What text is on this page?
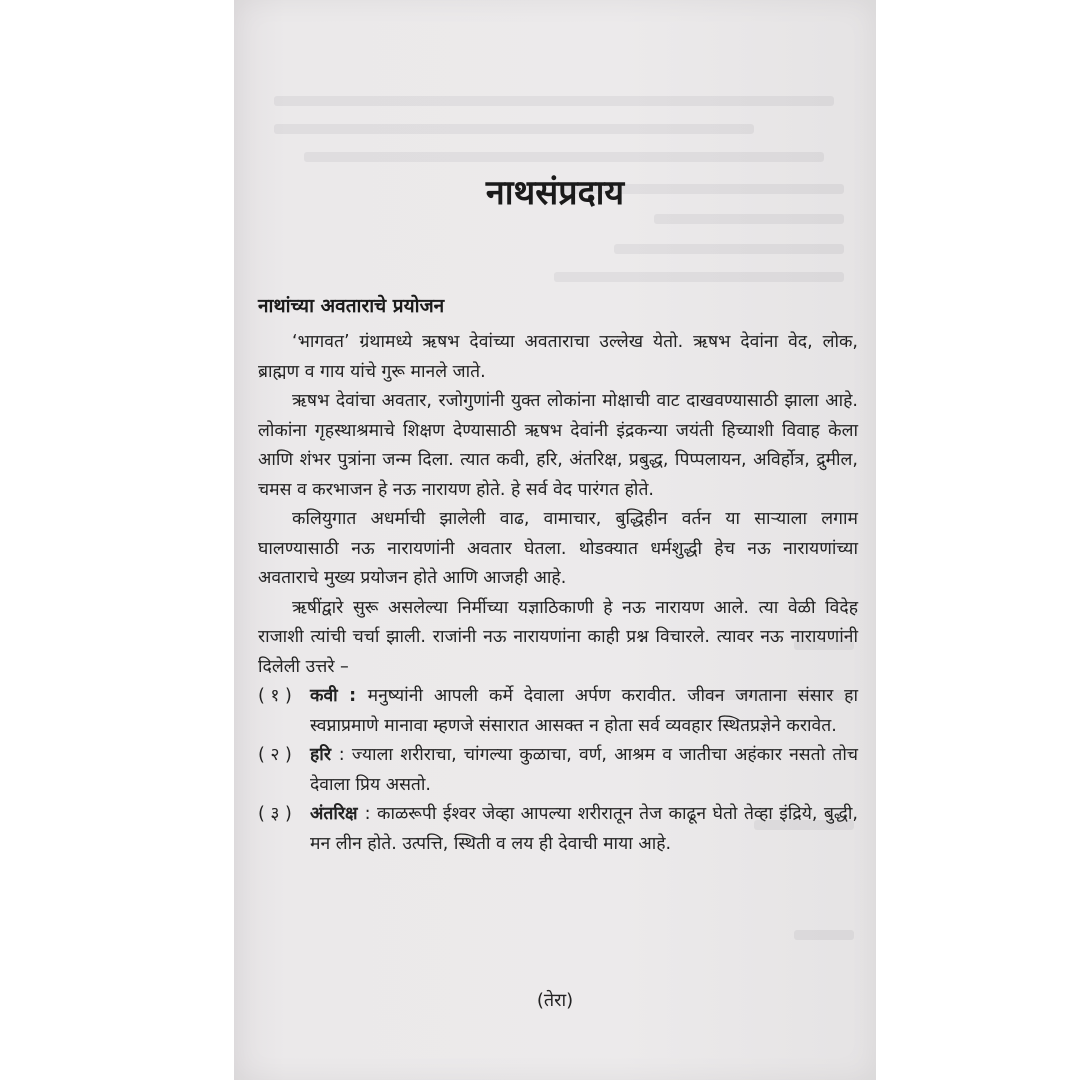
नाथसंप्रदाय
नाथांच्या अवताराचे प्रयोजन

‘भागवत’ ग्रंथामध्ये ऋषभ देवांच्या अवताराचा उल्लेख येतो. ऋषभ देवांना वेद, लोक, ब्राह्मण व गाय यांचे गुरू मानले जाते.

ऋषभ देवांचा अवतार, रजोगुणांनी युक्त लोकांना मोक्षाची वाट दाखवण्यासाठी झाला आहे. लोकांना गृहस्थाश्रमाचे शिक्षण देण्यासाठी ऋषभ देवांनी इंद्रकन्या जयंती हिच्याशी विवाह केला आणि शंभर पुत्रांना जन्म दिला. त्यात कवी, हरि, अंतरिक्ष, प्रबुद्ध, पिप्पलायन, अविर्होत्र, द्रुमील, चमस व करभाजन हे नऊ नारायण होते. हे सर्व वेद पारंगत होते.

कलियुगात अधर्माची झालेली वाढ, वामाचार, बुद्धिहीन वर्तन या साऱ्याला लगाम घालण्यासाठी नऊ नारायणांनी अवतार घेतला. थोडक्यात धर्मशुद्धी हेच नऊ नारायणांच्या अवताराचे मुख्य प्रयोजन होते आणि आजही आहे.

ऋषींद्वारे सुरू असलेल्या निर्मीच्या यज्ञाठिकाणी हे नऊ नारायण आले. त्या वेळी विदेह राजाशी त्यांची चर्चा झाली. राजांनी नऊ नारायणांना काही प्रश्न विचारले. त्यावर नऊ नारायणांनी दिलेली उत्तरे –

( १ ) कवी : मनुष्यांनी आपली कर्मे देवाला अर्पण करावीत. जीवन जगताना संसार हा स्वप्नाप्रमाणे मानावा म्हणजे संसारात आसक्त न होता सर्व व्यवहार स्थितप्रज्ञेने करावेत.
( २ ) हरि : ज्याला शरीराचा, चांगल्या कुळाचा, वर्ण, आश्रम व जातीचा अहंकार नसतो तोच देवाला प्रिय असतो.
( ३ ) अंतरिक्ष : काळरूपी ईश्वर जेव्हा आपल्या शरीरातून तेज काढून घेतो तेव्हा इंद्रिये, बुद्धी, मन लीन होते. उत्पत्ति, स्थिती व लय ही देवाची माया आहे.
(तेरा)
